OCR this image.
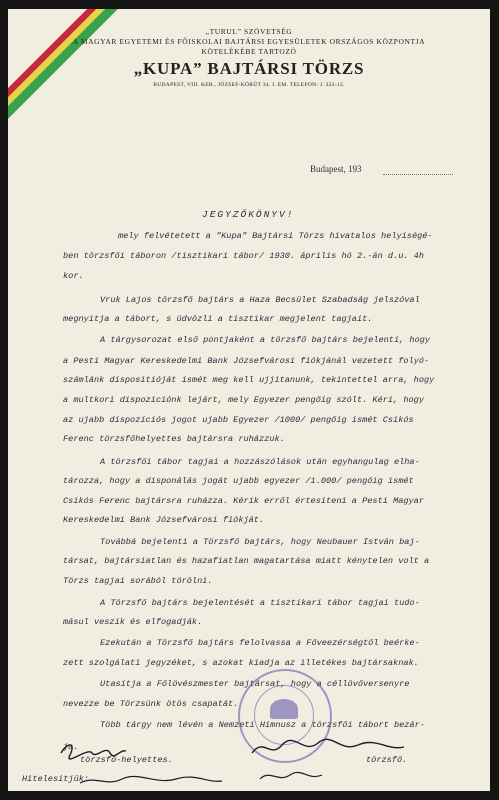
„TURUL” SZÖVETSÉG
A MAGYAR EGYETEMI ÉS FŐISKOLAI BAJTÁRSI EGYESÜLETEK ORSZÁGOS KÖZPONTJA
KÖTELÉKÉBE TARTOZÓ
„KUPA” BAJTÁRSI TÖRZS
BUDAPEST, VIII. KER., JÓZSEF-KÖRÚT 34. I. EM. TELEFON: J. 322-12.
Budapest, 193
JEGYZŐKÖNYV!
mely felvétetett a "Kupa" Bajtársi Törzs hivatalos helyiségé-
ben törzsfői táboron /tisztikari tábor/ 1930. április hó 2.-án d.u. 4h
kor.
Vruk Lajos törzsfő bajtárs a Haza Becsület Szabadság jelszóval
megnyitja a tábort, s üdvözli a tisztikar megjelent tagjait.
A tárgysorozat első pontjaként a törzsfő bajtárs bejelenti, hogy
a Pesti Magyar Kereskedelmi Bank Józsefvárosi fiókjánál vezetett folyó-
számlánk dispositióját ismét meg kell ujjitanunk, tekintettel arra, hogy
a multkori dispozíciónk lejárt, mely Egyezer pengőig szólt. Kéri, hogy
az ujabb dispozíciós jogot ujabb Egyezer /1000/ pengőig ismét Csikós
Ferenc törzsfőhelyettes bajtársra ruházzuk.
A törzsfői tábor tagjai a hozzászólások után egyhangulag elha-
tározza, hogy a disponálás jogát ujabb egyezer /1.000/ pengőig ismét
Csikós Ferenc bajtársra ruházza. Kérik erről értesiteni a Pesti Magyar
Kereskedelmi Bank Józsefvárosi fiókját.
Továbbá bejelenti a Törzsfő bajtárs, hogy Neubauer István baj-
társat, bajtársiatlan és hazafiatlan magatartása miatt kénytelen volt a
Törzs tagjai sorából törölni.
A Törzsfő bajtárs bejelentését a tisztikari tábor tagjai tudo-
másul veszik és elfogadják.
Ezekután a Törzsfő bajtárs felolvassa a Főveezérségtől beérke-
zett szolgálati jegyzéket, s azokat kiadja az illetékes bajtársaknak.
Utasítja a Főlövészmester bajtársat, hogy a céllövőversenyre
nevezze be Törzsünk ötös csapatát.
Több tárgy nem lévén a Nemzeti Himnusz a törzsfői tábort bezár-
ja.
törzsfő-helyettes.	törzsfő.
Hitelesitjük:
